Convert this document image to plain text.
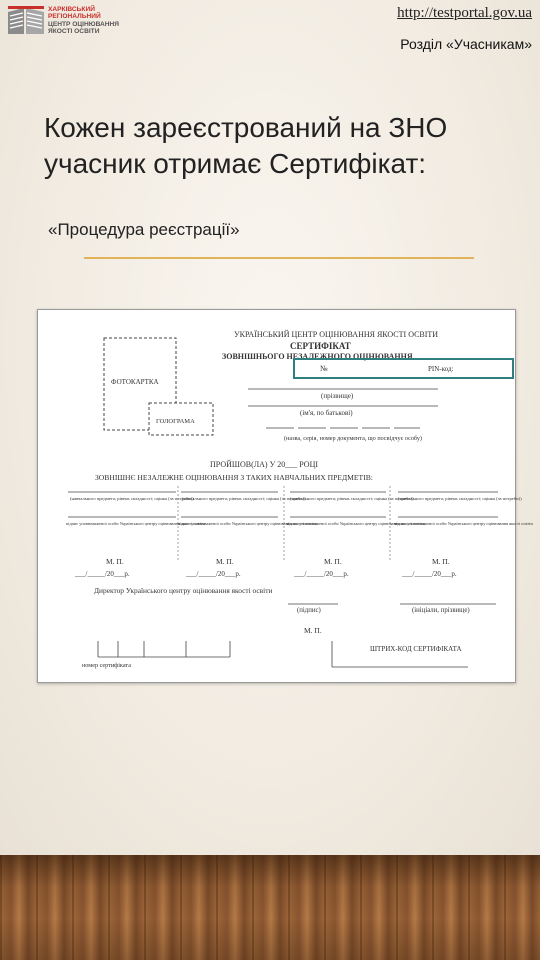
ХАРКІВСЬКИЙ
РЕГІОНАЛЬНИЙ
ЦЕНТР ОЦІНЮВАННЯ
ЯКОСТІ ОСВІТИ
http://testportal.gov.ua
Розділ «Учасникам»
Кожен зареєстрований на ЗНО учасник отримає Сертифікат:
«Процедура реєстрації»
ФОТОКАРТКА
ГОЛОГРАМА
УКРАЇНСЬКИЙ ЦЕНТР ОЦІНЮВАННЯ ЯКОСТІ ОСВІТИ
СЕРТИФІКАТ
ЗОВНІШНЬОГО НЕЗАЛЕЖНОГО ОЦІНЮВАННЯ
№	PIN-код:
(прізвище)
(ім'я, по батькові)
(назва, серія, номер документа, що посвідчує особу)
ПРОЙШОВ(ЛА) У 20___ РОЦІ
ЗОВНІШНЄ НЕЗАЛЕЖНЕ ОЦІНЮВАННЯ З ТАКИХ НАВЧАЛЬНИХ ПРЕДМЕТІВ:
(навчального предмета; рівень складності; оцінка (за потреби))
підпис уповноваженої особи Українського центру оцінювання якості освіти
М. П.
___/_____/20___р.
(навчального предмета; рівень складності; оцінка (за потреби))
підпис уповноваженої особи Українського центру оцінювання якості освіти
М. П.
___/_____/20___р.
(навчального предмета; рівень складності; оцінка (за потреби))
підпис уповноваженої особи Українського центру оцінювання якості освіти
М. П.
___/_____/20___р.
(навчального предмета; рівень складності; оцінка (за потреби))
підпис уповноваженої особи Українського центру оцінювання якості освіти
М. П.
___/_____/20___р.
Директор Українського центру оцінювання якості освіти
(підпис)	(ініціали, прізвище)
М. П.
номер сертифіката
ШТРИХ-КОД СЕРТИФІКАТА
